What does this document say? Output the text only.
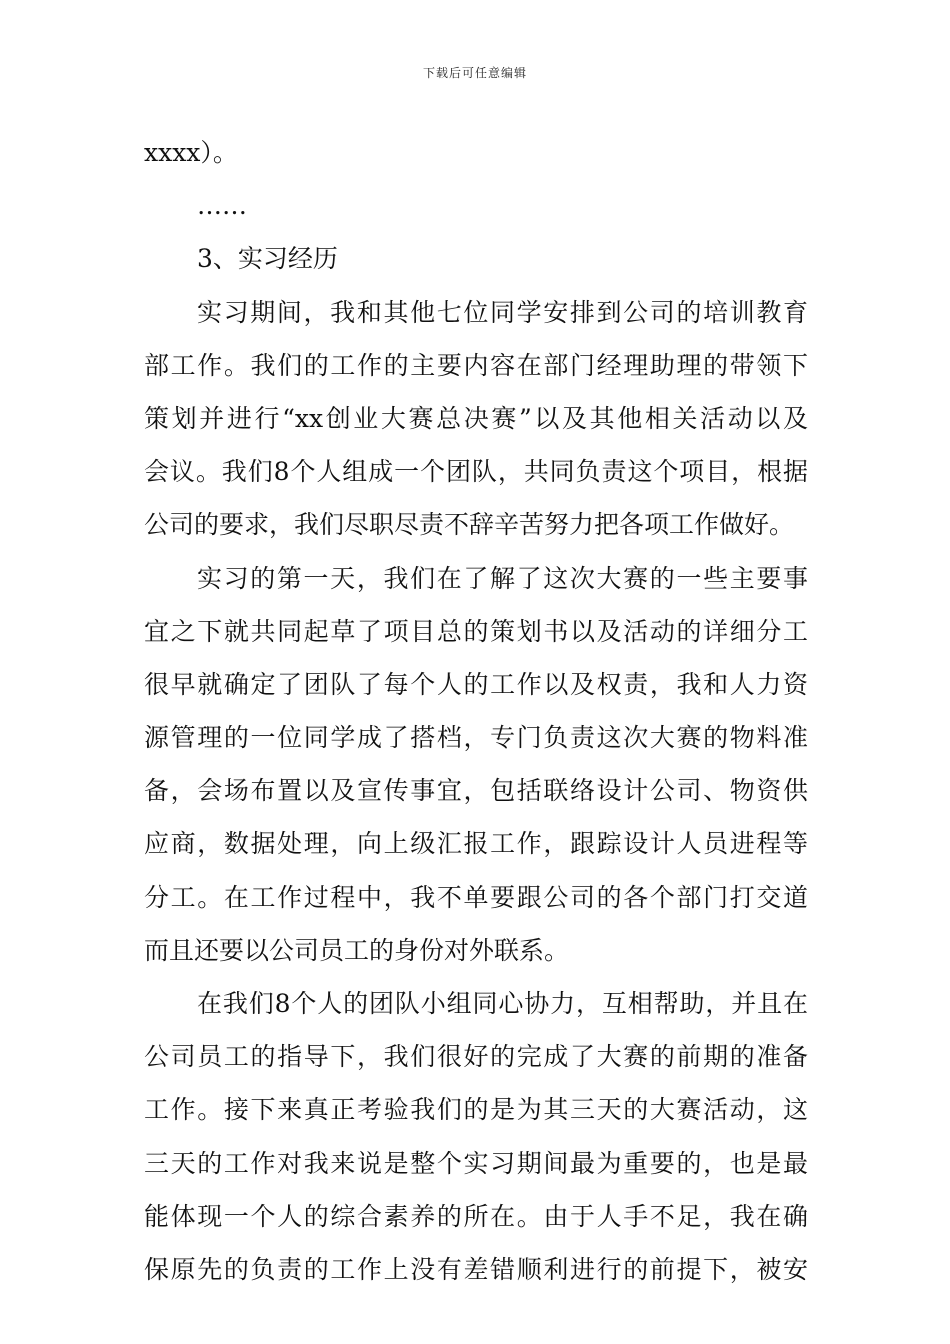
下载后可任意编辑
xxxx）。
……
3、实习经历
实习期间，我和其他七位同学安排到公司的培训教育
部工作。我们的工作的主要内容在部门经理助理的带领下
策划并进行“xx创业大赛总决赛”以及其他相关活动以及
会议。我们8个人组成一个团队，共同负责这个项目，根据
公司的要求，我们尽职尽责不辞辛苦努力把各项工作做好。
实习的第一天，我们在了解了这次大赛的一些主要事
宜之下就共同起草了项目总的策划书以及活动的详细分工
很早就确定了团队了每个人的工作以及权责，我和人力资
源管理的一位同学成了搭档，专门负责这次大赛的物料准
备，会场布置以及宣传事宜，包括联络设计公司、物资供
应商，数据处理，向上级汇报工作，跟踪设计人员进程等
分工。在工作过程中，我不单要跟公司的各个部门打交道
而且还要以公司员工的身份对外联系。
在我们8个人的团队小组同心协力，互相帮助，并且在
公司员工的指导下，我们很好的完成了大赛的前期的准备
工作。接下来真正考验我们的是为其三天的大赛活动，这
三天的工作对我来说是整个实习期间最为重要的，也是最
能体现一个人的综合素养的所在。由于人手不足，我在确
保原先的负责的工作上没有差错顺利进行的前提下，被安
